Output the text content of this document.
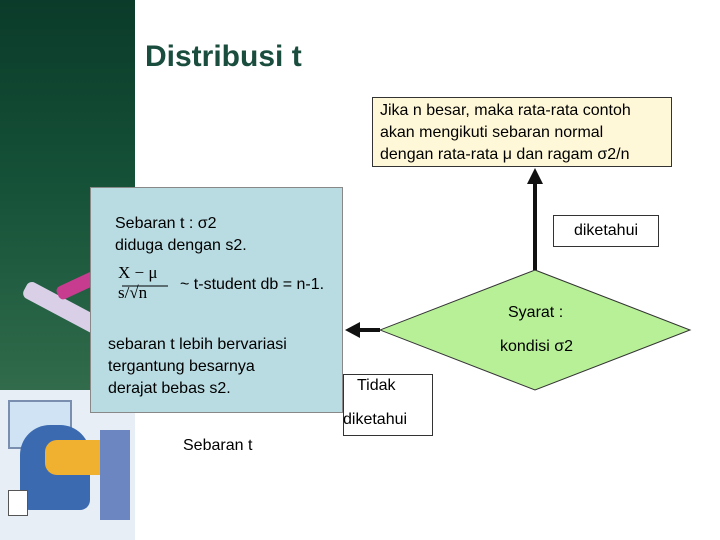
Distribusi t
Jika n besar, maka rata-rata contoh
akan mengikuti sebaran normal
dengan rata-rata μ dan ragam σ2/n
Sebaran t : σ2
diduga dengan s2.
X − μ
s/√n	~ t-student db = n-1.
sebaran t lebih bervariasi
tergantung besarnya
derajat bebas s2.
Sebaran t
diketahui
Syarat :
kondisi σ2
Tidak
diketahui
